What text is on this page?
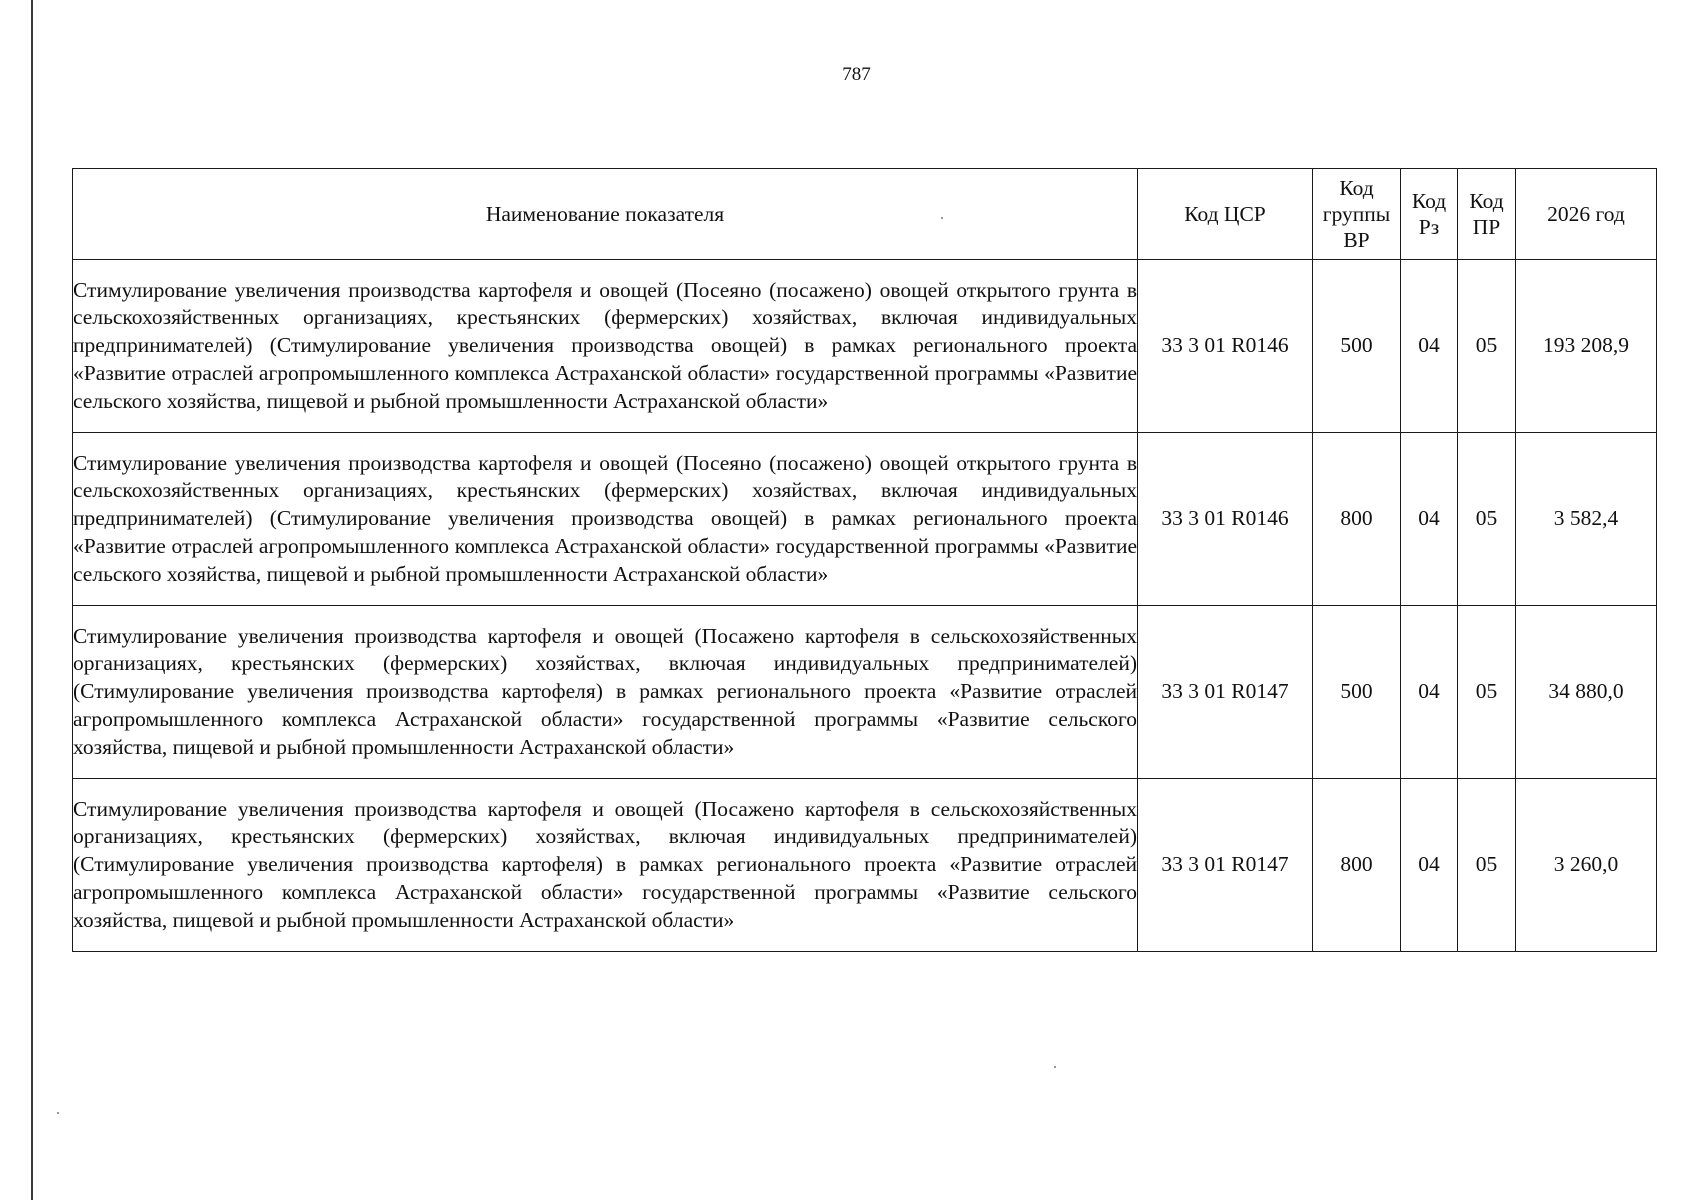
787
Наименование показателя	Код ЦСР	Код группы ВР	Код Рз	Код ПР	2026 год
Стимулирование увеличения производства картофеля и овощей (Посеяно (посажено) овощей открытого грунта в сельскохозяйственных организациях, крестьянских (фермерских) хозяйствах, включая индивидуальных предпринимателей) (Стимулирование увеличения производства овощей) в рамках регионального проекта «Развитие отраслей агропромышленного комплекса Астраханской области» государственной программы «Развитие сельского хозяйства, пищевой и рыбной промышленности Астраханской области»	33 3 01 R0146	500	04	05	193 208,9
Стимулирование увеличения производства картофеля и овощей (Посеяно (посажено) овощей открытого грунта в сельскохозяйственных организациях, крестьянских (фермерских) хозяйствах, включая индивидуальных предпринимателей) (Стимулирование увеличения производства овощей) в рамках регионального проекта «Развитие отраслей агропромышленного комплекса Астраханской области» государственной программы «Развитие сельского хозяйства, пищевой и рыбной промышленности Астраханской области»	33 3 01 R0146	800	04	05	3 582,4
Стимулирование увеличения производства картофеля и овощей (Посажено картофеля в сельскохозяйственных организациях, крестьянских (фермерских) хозяйствах, включая индивидуальных предпринимателей) (Стимулирование увеличения производства картофеля) в рамках регионального проекта «Развитие отраслей агропромышленного комплекса Астраханской области» государственной программы «Развитие сельского хозяйства, пищевой и рыбной промышленности Астраханской области»	33 3 01 R0147	500	04	05	34 880,0
Стимулирование увеличения производства картофеля и овощей (Посажено картофеля в сельскохозяйственных организациях, крестьянских (фермерских) хозяйствах, включая индивидуальных предпринимателей) (Стимулирование увеличения производства картофеля) в рамках регионального проекта «Развитие отраслей агропромышленного комплекса Астраханской области» государственной программы «Развитие сельского хозяйства, пищевой и рыбной промышленности Астраханской области»	33 3 01 R0147	800	04	05	3 260,0
